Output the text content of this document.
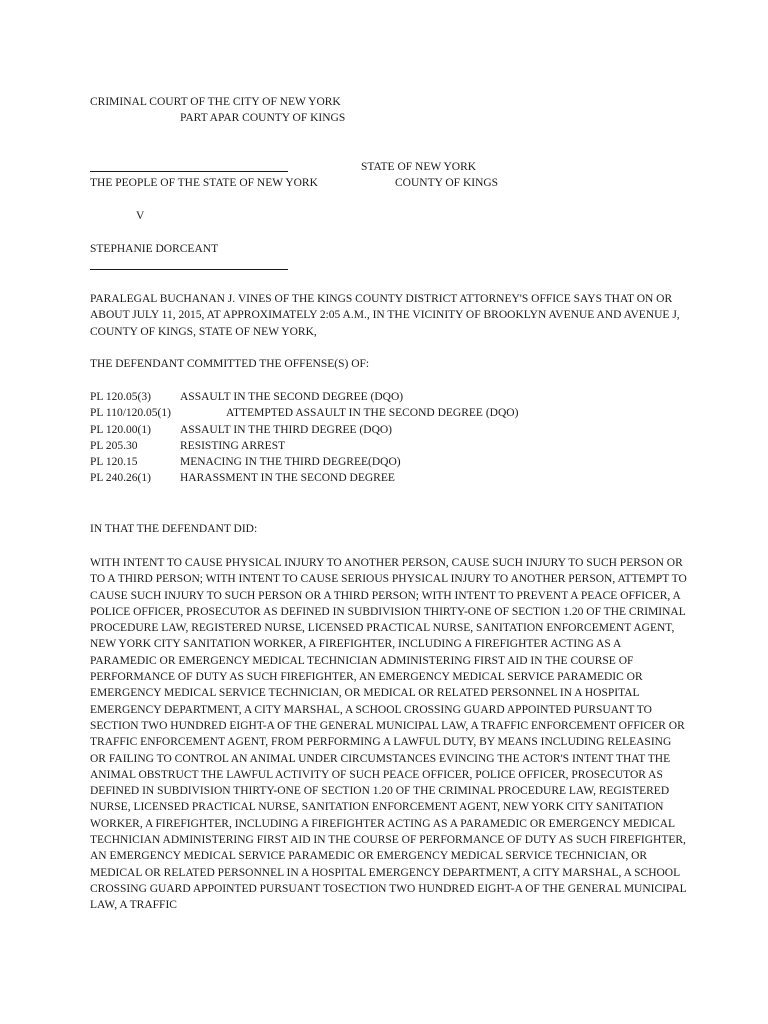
CRIMINAL COURT OF THE CITY OF NEW YORK
PART APAR COUNTY OF KINGS
STATE OF NEW YORK
THE PEOPLE OF THE STATE OF NEW YORK	COUNTY OF KINGS
V
STEPHANIE DORCEANT
PARALEGAL BUCHANAN J. VINES OF THE KINGS COUNTY DISTRICT ATTORNEY'S OFFICE SAYS THAT ON OR ABOUT JULY 11, 2015, AT APPROXIMATELY 2:05 A.M., IN THE VICINITY OF BROOKLYN AVENUE AND AVENUE J, COUNTY OF KINGS, STATE OF NEW YORK,
THE DEFENDANT COMMITTED THE OFFENSE(S) OF:
PL 120.05(3)	ASSAULT IN THE SECOND DEGREE (DQO)
PL 110/120.05(1)	ATTEMPTED ASSAULT IN THE SECOND DEGREE (DQO)
PL 120.00(1)	ASSAULT IN THE THIRD DEGREE (DQO)
PL 205.30	RESISTING ARREST
PL 120.15	MENACING IN THE THIRD DEGREE(DQO)
PL 240.26(1)	HARASSMENT IN THE SECOND DEGREE
IN THAT THE DEFENDANT DID:
WITH INTENT TO CAUSE PHYSICAL INJURY TO ANOTHER PERSON, CAUSE SUCH INJURY TO SUCH PERSON OR TO A THIRD PERSON; WITH INTENT TO CAUSE SERIOUS PHYSICAL INJURY TO ANOTHER PERSON, ATTEMPT TO CAUSE SUCH INJURY TO SUCH PERSON OR A THIRD PERSON; WITH INTENT TO PREVENT A PEACE OFFICER, A POLICE OFFICER, PROSECUTOR AS DEFINED IN SUBDIVISION THIRTY-ONE OF SECTION 1.20 OF THE CRIMINAL PROCEDURE LAW, REGISTERED NURSE, LICENSED PRACTICAL NURSE, SANITATION ENFORCEMENT AGENT, NEW YORK CITY SANITATION WORKER, A FIREFIGHTER, INCLUDING A FIREFIGHTER ACTING AS A PARAMEDIC OR EMERGENCY MEDICAL TECHNICIAN ADMINISTERING FIRST AID IN THE COURSE OF PERFORMANCE OF DUTY AS SUCH FIREFIGHTER, AN EMERGENCY MEDICAL SERVICE PARAMEDIC OR EMERGENCY MEDICAL SERVICE TECHNICIAN, OR MEDICAL OR RELATED PERSONNEL IN A HOSPITAL EMERGENCY DEPARTMENT, A CITY MARSHAL, A SCHOOL CROSSING GUARD APPOINTED PURSUANT TO SECTION TWO HUNDRED EIGHT-A OF THE GENERAL MUNICIPAL LAW, A TRAFFIC ENFORCEMENT OFFICER OR TRAFFIC ENFORCEMENT AGENT, FROM PERFORMING A LAWFUL DUTY, BY MEANS INCLUDING RELEASING OR FAILING TO CONTROL AN ANIMAL UNDER CIRCUMSTANCES EVINCING THE ACTOR'S INTENT THAT THE ANIMAL OBSTRUCT THE LAWFUL ACTIVITY OF SUCH PEACE OFFICER, POLICE OFFICER, PROSECUTOR AS DEFINED IN SUBDIVISION THIRTY-ONE OF SECTION 1.20 OF THE CRIMINAL PROCEDURE LAW, REGISTERED NURSE, LICENSED PRACTICAL NURSE, SANITATION ENFORCEMENT AGENT, NEW YORK CITY SANITATION WORKER, A FIREFIGHTER, INCLUDING A FIREFIGHTER ACTING AS A PARAMEDIC OR EMERGENCY MEDICAL TECHNICIAN ADMINISTERING FIRST AID IN THE COURSE OF PERFORMANCE OF DUTY AS SUCH FIREFIGHTER, AN EMERGENCY MEDICAL SERVICE PARAMEDIC OR EMERGENCY MEDICAL SERVICE TECHNICIAN, OR MEDICAL OR RELATED PERSONNEL IN A HOSPITAL EMERGENCY DEPARTMENT, A CITY MARSHAL, A SCHOOL CROSSING GUARD APPOINTED PURSUANT TOSECTION TWO HUNDRED EIGHT-A OF THE GENERAL MUNICIPAL LAW, A TRAFFIC
